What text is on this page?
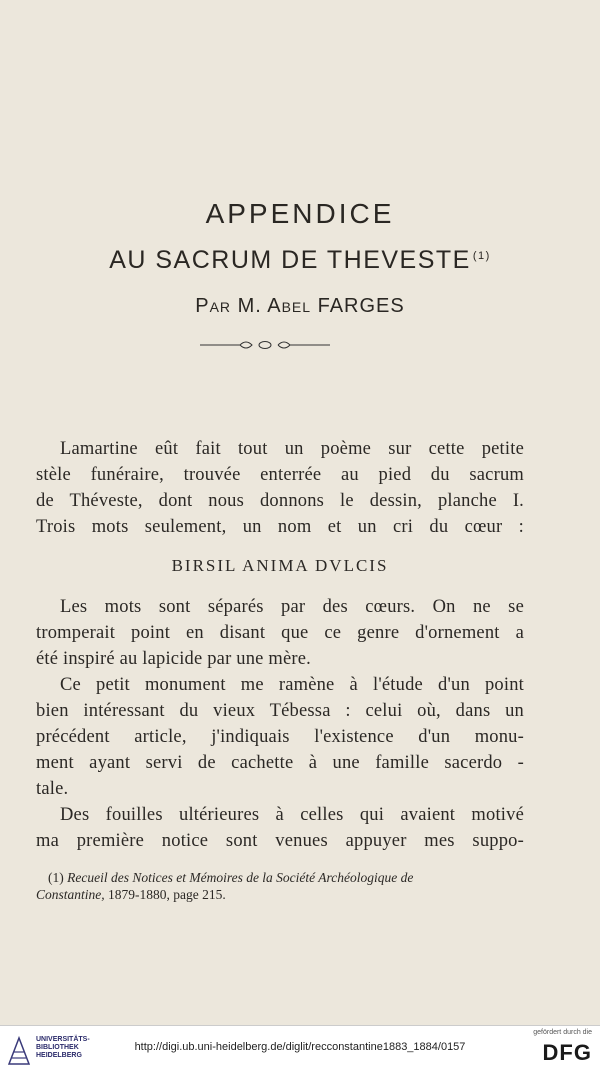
APPENDICE
AU SACRUM DE THEVESTE $^{(1)}$
Par M. Abel FARGES
Lamartine eût fait tout un poème sur cette petite
stèle funéraire, trouvée enterrée au pied du sacrum
de Théveste, dont nous donnons le dessin, planche I.
Trois mots seulement, un nom et un cri du cœur :
BIRSIL ANIMA DVLCIS
Les mots sont séparés par des cœurs. On ne se
tromperait point en disant que ce genre d'ornement a
été inspiré au lapicide par une mère.
Ce petit monument me ramène à l'étude d'un point
bien intéressant du vieux Tébessa : celui où, dans un
précédent article, j'indiquais l'existence d'un monu-
ment ayant servi de cachette à une famille sacerdo -
tale.
Des fouilles ultérieures à celles qui avaient motivé
ma première notice sont venues appuyer mes suppo-
(1) Recueil des Notices et Mémoires de la Société Archéologique de
Constantine, 1879-1880, page 215.
UNIVERSITÄTS-
BIBLIOTHEK
HEIDELBERG
http://digi.ub.uni-heidelberg.de/diglit/recconstantine1883_1884/0157
gefördert durch die
DFG
